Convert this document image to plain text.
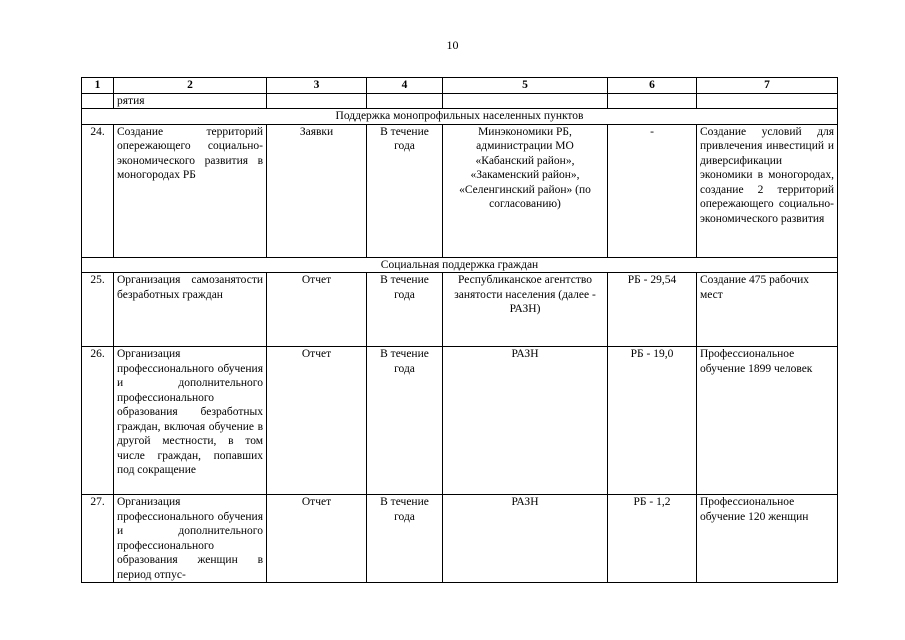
10
1	2	3	4	5	6	7
	рятия					
Поддержка монопрофильных населенных пунктов						
24.	Создание территорий опережающего социально-экономического развития в моногородах РБ	Заявки	В течение года	Минэкономики РБ, администрации МО «Кабанский район», «Закаменский район», «Селенгинский район» (по согласованию)	-	Создание условий для привлечения инвестиций и диверсификации экономики в моногородах, создание 2 территорий опережающего социально-экономического развития
Социальная поддержка граждан						
25.	Организация самозанятости безработных граждан	Отчет	В течение года	Республиканское агентство занятости населения (далее - РАЗН)	РБ - 29,54	Создание 475 рабочих мест
26.	Организация профессионального обучения и дополнительного профессионального образования безработных граждан, включая обучение в другой местности, в том числе граждан, попавших под сокращение	Отчет	В течение года	РАЗН	РБ - 19,0	Профессиональное обучение 1899 человек
27.	Организация профессионального обучения и дополнительного профессионального образования женщин в период отпус-	Отчет	В течение года	РАЗН	РБ - 1,2	Профессиональное обучение 120 женщин
